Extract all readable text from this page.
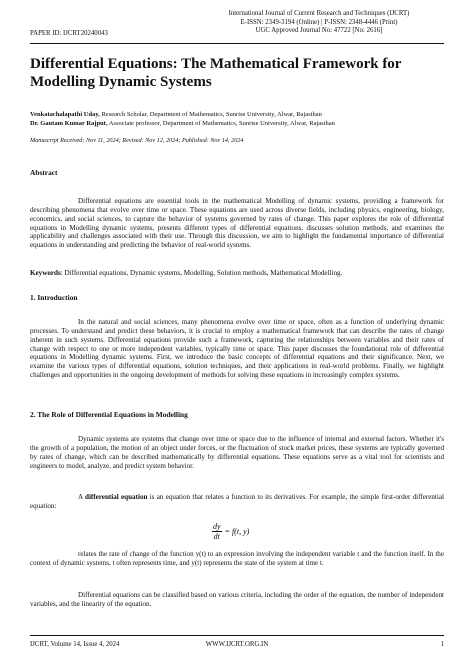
PAPER ID: IJCRT20240043
International Journal of Current Research and Techniques (IJCRT)
E-ISSN: 2349-3194 (Online) | P-ISSN: 2348-4446 (Print)
UGC Approved Journal No: 47722 [No: 2616]
Differential Equations: The Mathematical Framework for Modelling Dynamic Systems
Venkatachalapathi Uday, Research Scholar, Department of Mathematics, Sunrise University, Alwar, Rajasthan
Dr. Gautam Kumar Rajput, Associate professor, Department of Mathematics, Sunrise University, Alwar, Rajasthan
Manuscript Received: Nov 11, 2024; Revised: Nov 12, 2024; Published: Nov 14, 2024
Abstract

Differential equations are essential tools in the mathematical Modelling of dynamic systems, providing a framework for describing phenomena that evolve over time or space. These equations are used across diverse fields, including physics, engineering, biology, economics, and social sciences, to capture the behavior of systems governed by rates of change. This paper explores the role of differential equations in Modelling dynamic systems, presents different types of differential equations, discusses solution methods, and examines the applicability and challenges associated with their use. Through this discussion, we aim to highlight the fundamental importance of differential equations in understanding and predicting the behavior of real-world systems.

Keywords: Differential equations, Dynamic systems, Modelling, Solution methods, Mathematical Modelling.
1. Introduction

In the natural and social sciences, many phenomena evolve over time or space, often as a function of underlying dynamic processes. To understand and predict these behaviors, it is crucial to employ a mathematical framework that can describe the rates of change inherent in such systems. Differential equations provide such a framework, capturing the relationships between variables and their rates of change with respect to one or more independent variables, typically time or space. This paper discusses the foundational role of differential equations in Modelling dynamic systems. First, we introduce the basic concepts of differential equations and their significance. Next, we examine the various types of differential equations, solution techniques, and their applications in real-world problems. Finally, we highlight challenges and opportunities in the ongoing development of methods for solving these equations in increasingly complex systems.

2. The Role of Differential Equations in Modelling

Dynamic systems are systems that change over time or space due to the influence of internal and external factors. Whether it's the growth of a population, the motion of an object under forces, or the fluctuation of stock market prices, these systems are typically governed by rates of change, which can be described mathematically by differential equations. These equations serve as a vital tool for scientists and engineers to model, analyze, and predict system behavior.

A differential equation is an equation that relates a function to its derivatives. For example, the simple first-order differential equation:

$\frac{dy}{dt} = f(t$, y)

relates the rate of change of the function y(t) to an expression involving the independent variable t and the function itself. In the context of dynamic systems, t often represents time, and y(t) represents the state of the system at time t.

Differential equations can be classified based on various criteria, including the order of the equation, the number of independent variables, and the linearity of the equation.

IJCRT, Volume 14, Issue 4, 2024	WWW.IJCRT.ORG.IN	1
